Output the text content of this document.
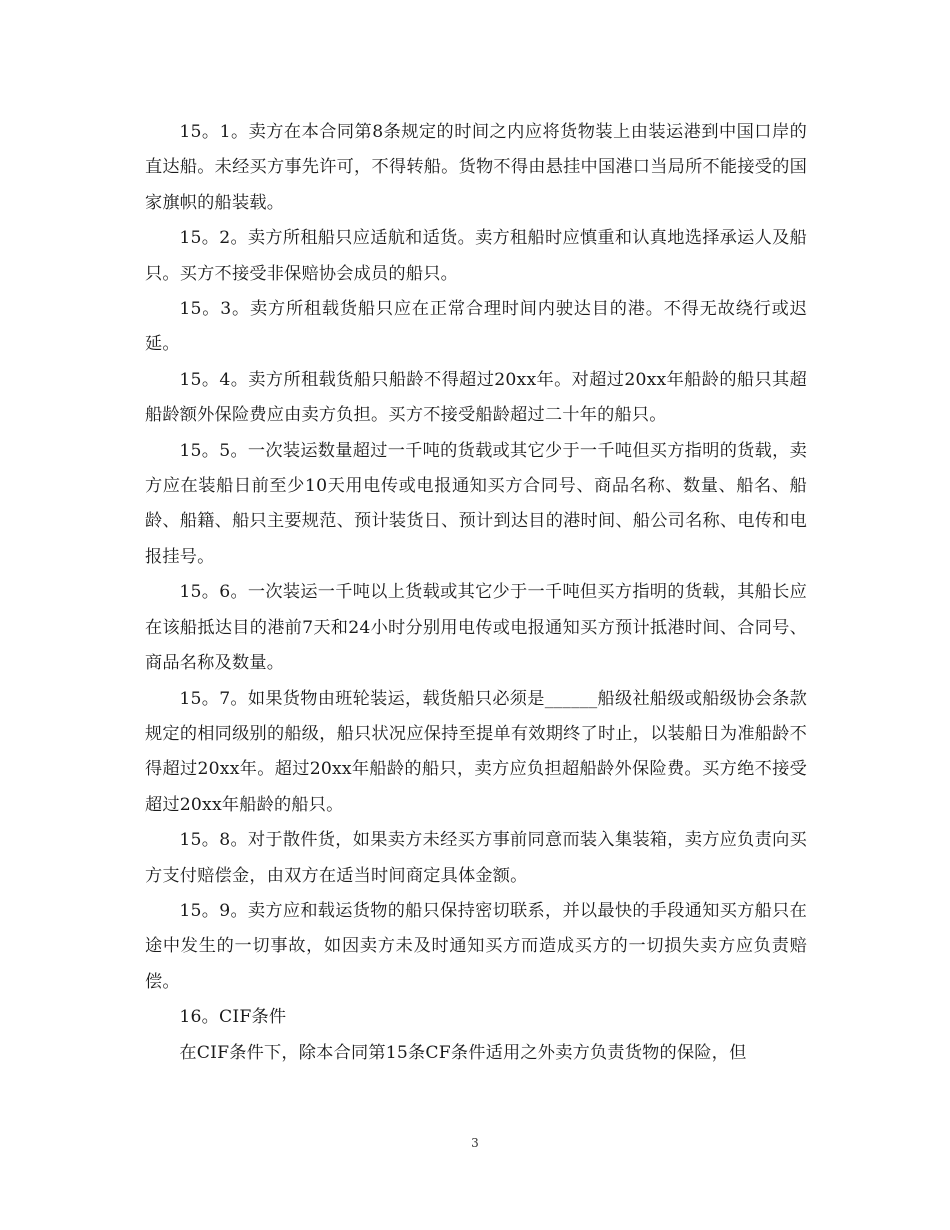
15。1。卖方在本合同第8条规定的时间之内应将货物装上由装运港到中国口岸的直达船。未经买方事先许可，不得转船。货物不得由悬挂中国港口当局所不能接受的国家旗帜的船装载。

15。2。卖方所租船只应适航和适货。卖方租船时应慎重和认真地选择承运人及船只。买方不接受非保赔协会成员的船只。

15。3。卖方所租载货船只应在正常合理时间内驶达目的港。不得无故绕行或迟延。

15。4。卖方所租载货船只船龄不得超过20xx年。对超过20xx年船龄的船只其超船龄额外保险费应由卖方负担。买方不接受船龄超过二十年的船只。

15。5。一次装运数量超过一千吨的货载或其它少于一千吨但买方指明的货载，卖方应在装船日前至少10天用电传或电报通知买方合同号、商品名称、数量、船名、船龄、船籍、船只主要规范、预计装货日、预计到达目的港时间、船公司名称、电传和电报挂号。

15。6。一次装运一千吨以上货载或其它少于一千吨但买方指明的货载，其船长应在该船抵达目的港前7天和24小时分别用电传或电报通知买方预计抵港时间、合同号、商品名称及数量。

15。7。如果货物由班轮装运，载货船只必须是______船级社船级或船级协会条款规定的相同级别的船级，船只状况应保持至提单有效期终了时止，以装船日为准船龄不得超过20xx年。超过20xx年船龄的船只，卖方应负担超船龄外保险费。买方绝不接受超过20xx年船龄的船只。

15。8。对于散件货，如果卖方未经买方事前同意而装入集装箱，卖方应负责向买方支付赔偿金，由双方在适当时间商定具体金额。

15。9。卖方应和载运货物的船只保持密切联系，并以最快的手段通知买方船只在途中发生的一切事故，如因卖方未及时通知买方而造成买方的一切损失卖方应负责赔偿。

16。CIF条件

在CIF条件下，除本合同第15条CF条件适用之外卖方负责货物的保险，但

3
